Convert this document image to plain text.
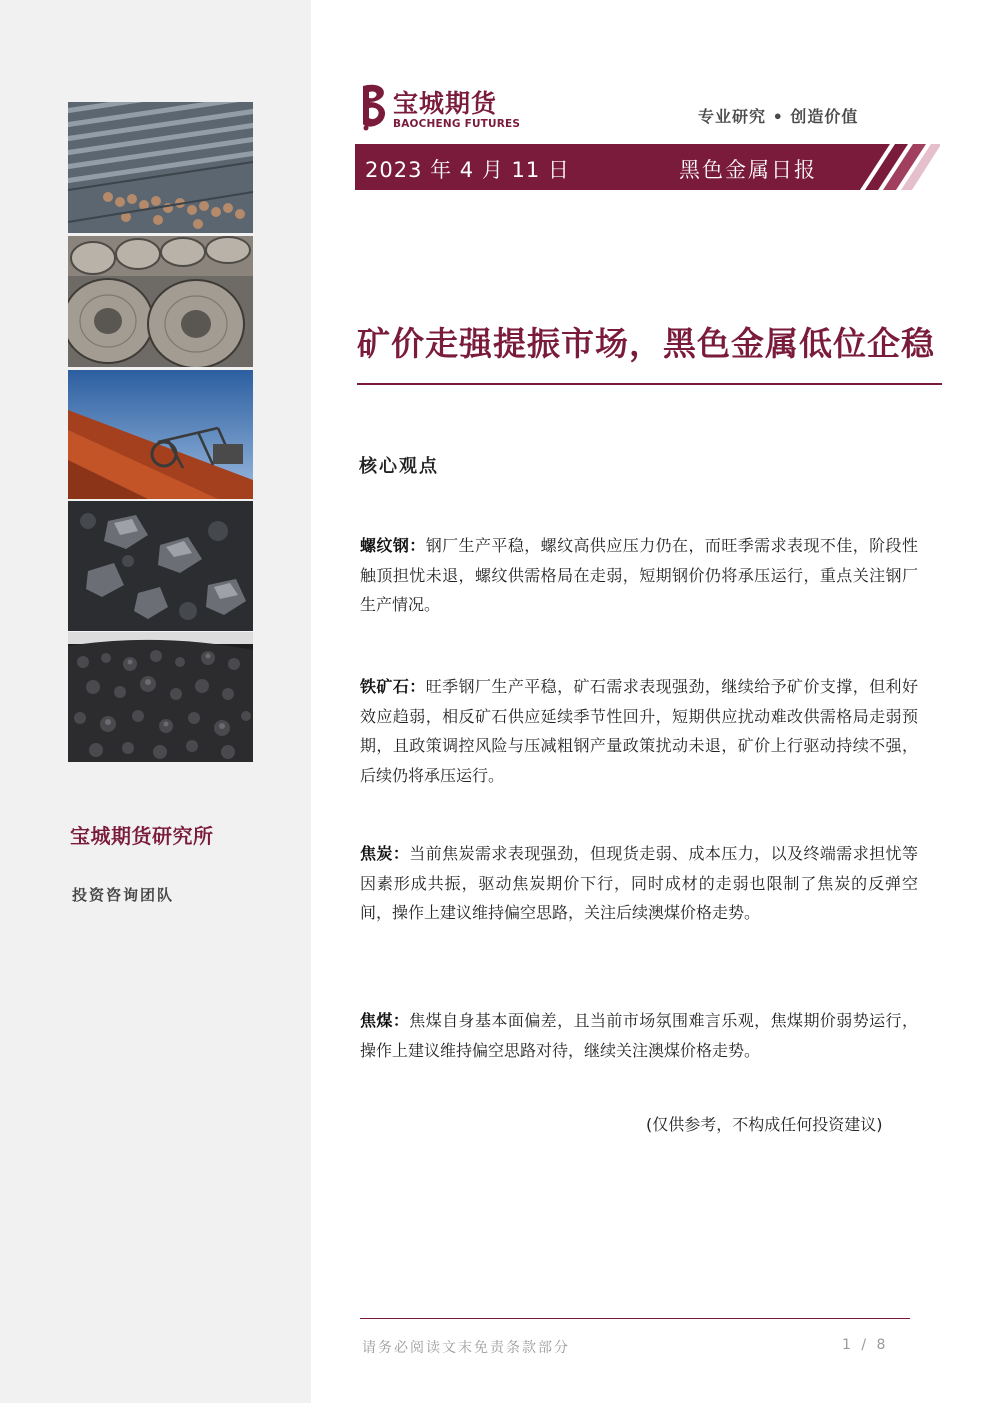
宝城期货研究所
投资咨询团队
宝城期货
BAOCHENG FUTURES	专业研究 • 创造价值
2023 年 4 月 11 日	黑色金属日报
矿价走强提振市场，黑色金属低位企稳
核心观点
螺纹钢：钢厂生产平稳，螺纹高供应压力仍在，而旺季需求表现不佳，阶段性触顶担忧未退，螺纹供需格局在走弱，短期钢价仍将承压运行，重点关注钢厂生产情况。
铁矿石：旺季钢厂生产平稳，矿石需求表现强劲，继续给予矿价支撑，但利好效应趋弱，相反矿石供应延续季节性回升，短期供应扰动难改供需格局走弱预期，且政策调控风险与压减粗钢产量政策扰动未退，矿价上行驱动持续不强，后续仍将承压运行。
焦炭：当前焦炭需求表现强劲，但现货走弱、成本压力，以及终端需求担忧等因素形成共振，驱动焦炭期价下行，同时成材的走弱也限制了焦炭的反弹空间，操作上建议维持偏空思路，关注后续澳煤价格走势。
焦煤：焦煤自身基本面偏差，且当前市场氛围难言乐观，焦煤期价弱势运行，操作上建议维持偏空思路对待，继续关注澳煤价格走势。
(仅供参考，不构成任何投资建议)
请务必阅读文末免责条款部分	1 / 8
